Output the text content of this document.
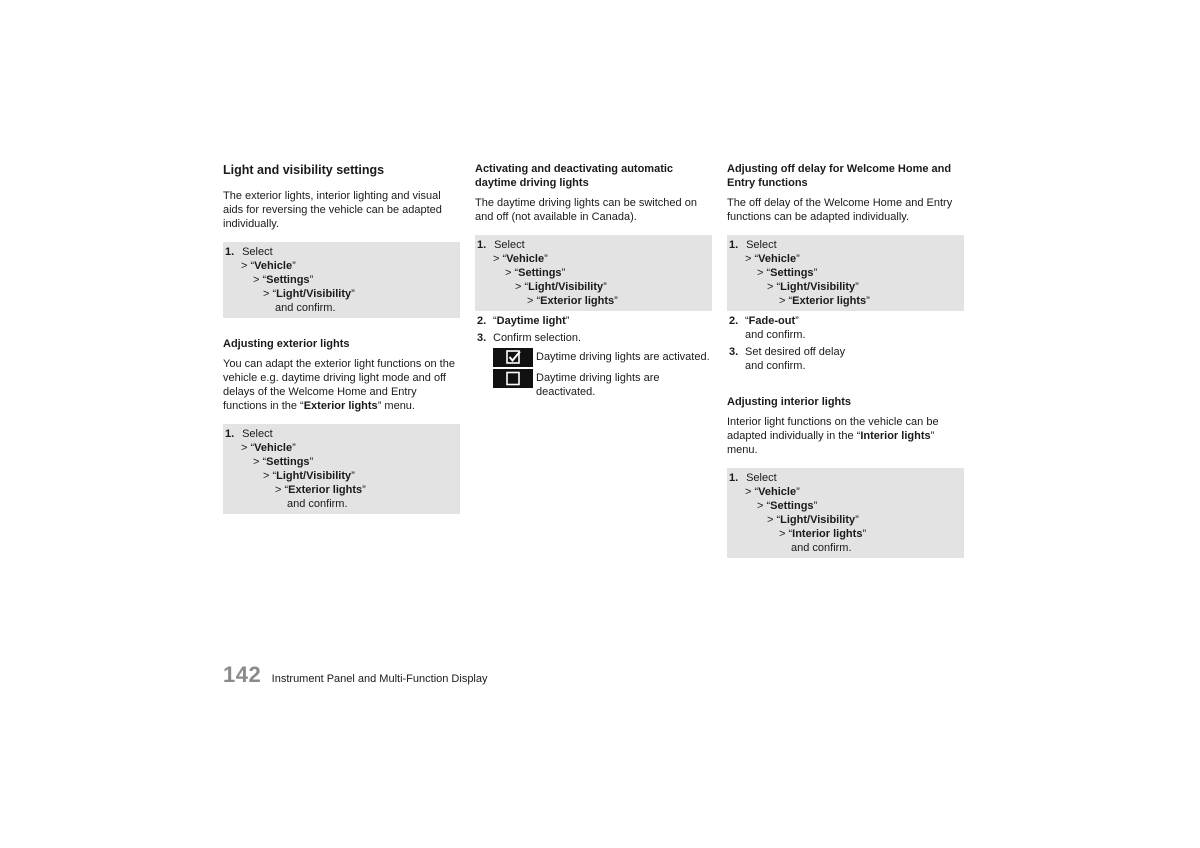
Light and visibility settings
The exterior lights, interior lighting and visual aids for reversing the vehicle can be adapted individually.
1. Select
> “Vehicle”
> “Settings”
> “Light/Visibility”
and confirm.
Adjusting exterior lights
You can adapt the exterior light functions on the vehicle e.g. daytime driving light mode and off delays of the Welcome Home and Entry functions in the “Exterior lights” menu.
1. Select
> “Vehicle”
> “Settings”
> “Light/Visibility”
> “Exterior lights”
and confirm.
Activating and deactivating automatic daytime driving lights
The daytime driving lights can be switched on and off (not available in Canada).
1. Select
> “Vehicle”
> “Settings”
> “Light/Visibility”
> “Exterior lights”
2. “Daytime light”
3. Confirm selection.
Daytime driving lights are activated.
Daytime driving lights are deactivated.
Adjusting off delay for Welcome Home and Entry functions
The off delay of the Welcome Home and Entry functions can be adapted individually.
1. Select
> “Vehicle”
> “Settings”
> “Light/Visibility”
> “Exterior lights”
2. “Fade-out”
and confirm.
3. Set desired off delay
and confirm.
Adjusting interior lights
Interior light functions on the vehicle can be adapted individually in the “Interior lights” menu.
1. Select
> “Vehicle”
> “Settings”
> “Light/Visibility”
> “Interior lights”
and confirm.
142 Instrument Panel and Multi-Function Display
